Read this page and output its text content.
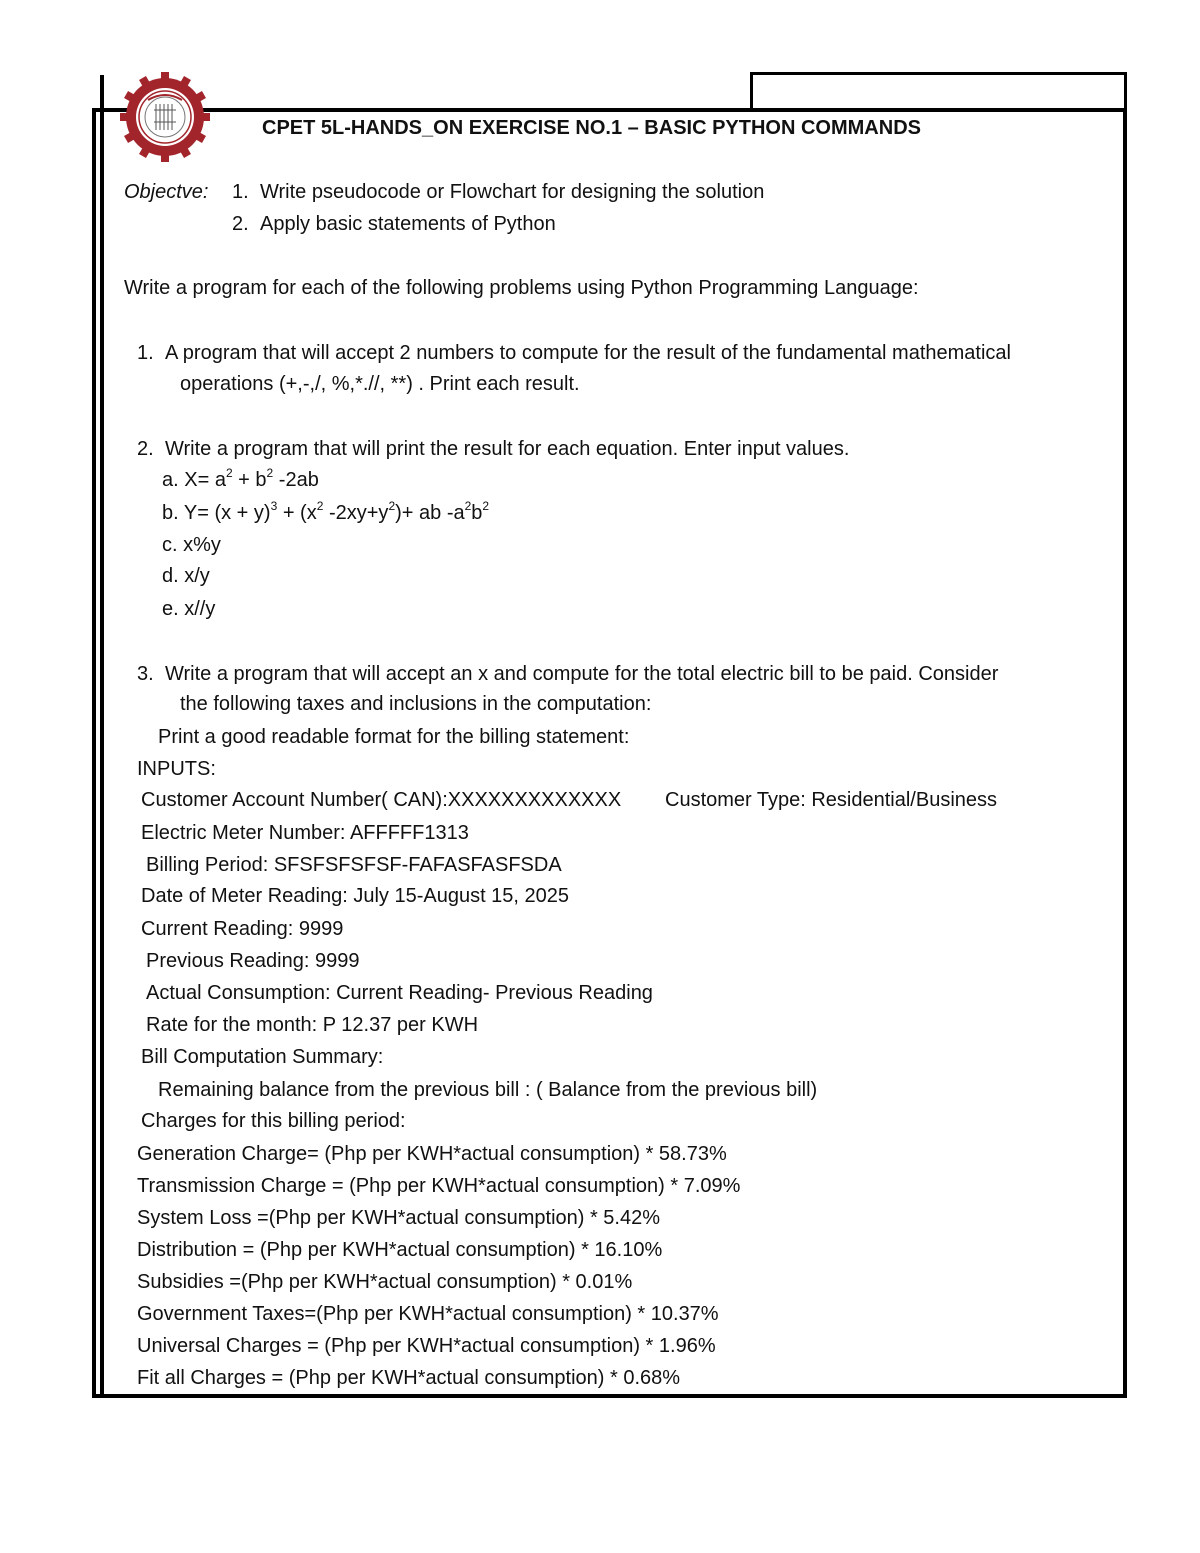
CPET 5L-HANDS_ON EXERCISE NO.1 – BASIC PYTHON COMMANDS
Objectve: 1. Write pseudocode or Flowchart for designing the solution
2. Apply basic statements of Python
Write a program for each of the following problems using Python Programming Language:
1. A program that will accept 2 numbers to compute for the result of the fundamental mathematical
operations (+,-,/, %,*.//, **) . Print each result.
2. Write a program that will print the result for each equation. Enter input values.
a. $X= a^2 + b^2$ -2ab
b. $Y= (x + y)^3 + (x^2$ $-2xy+y^2)+$ ab $-a^2b^2$
c. x%y
d. x/y
e. x//y
3. Write a program that will accept an x and compute for the total electric bill to be paid. Consider
the following taxes and inclusions in the computation:
Print a good readable format for the billing statement:
INPUTS:
Customer Account Number( CAN):XXXXXXXXXXXXX Customer Type: Residential/Business
Electric Meter Number: AFFFFF1313
Billing Period: SFSFSFSFSF-FAFASFASFSDA
Date of Meter Reading: July 15-August 15, 2025
Current Reading: 9999
Previous Reading: 9999
Actual Consumption: Current Reading- Previous Reading
Rate for the month: P 12.37 per KWH
Bill Computation Summary:
Remaining balance from the previous bill : ( Balance from the previous bill)
Charges for this billing period:
Generation Charge= (Php per KWH*actual consumption) * 58.73%
Transmission Charge = (Php per KWH*actual consumption) * 7.09%
System Loss =(Php per KWH*actual consumption) * 5.42%
Distribution = (Php per KWH*actual consumption) * 16.10%
Subsidies =(Php per KWH*actual consumption) * 0.01%
Government Taxes=(Php per KWH*actual consumption) * 10.37%
Universal Charges = (Php per KWH*actual consumption) * 1.96%
Fit all Charges = (Php per KWH*actual consumption) * 0.68%
